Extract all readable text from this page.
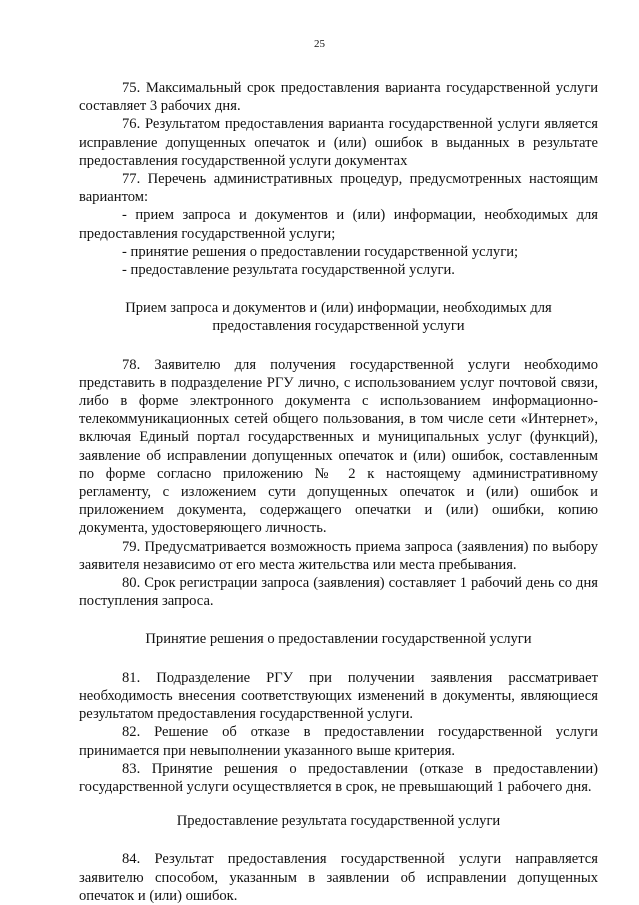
25

75. Максимальный срок предоставления варианта государственной услуги составляет 3 рабочих дня.

76. Результатом предоставления варианта государственной услуги является исправление допущенных опечаток и (или) ошибок в выданных в результате предоставления государственной услуги документах

77. Перечень административных процедур, предусмотренных настоящим вариантом:

- прием запроса и документов и (или) информации, необходимых для предоставления государственной услуги;

- принятие решения о предоставлении государственной услуги;

- предоставление результата государственной услуги.

Прием запроса и документов и (или) информации, необходимых для предоставления государственной услуги

78. Заявителю для получения государственной услуги необходимо представить в подразделение РГУ лично, с использованием услуг почтовой связи, либо в форме электронного документа с использованием информационно-телекоммуникационных сетей общего пользования, в том числе сети «Интернет», включая Единый портал государственных и муниципальных услуг (функций), заявление об исправлении допущенных опечаток и (или) ошибок, составленным по форме согласно приложению № 2 к настоящему административному регламенту, с изложением сути допущенных опечаток и (или) ошибок и приложением документа, содержащего опечатки и (или) ошибки, копию документа, удостоверяющего личность.

79. Предусматривается возможность приема запроса (заявления) по выбору заявителя независимо от его места жительства или места пребывания.

80. Срок регистрации запроса (заявления) составляет 1 рабочий день со дня поступления запроса.

Принятие решения о предоставлении государственной услуги

81. Подразделение РГУ при получении заявления рассматривает необходимость внесения соответствующих изменений в документы, являющиеся результатом предоставления государственной услуги.

82. Решение об отказе в предоставлении государственной услуги принимается при невыполнении указанного выше критерия.

83. Принятие решения о предоставлении (отказе в предоставлении) государственной услуги осуществляется в срок, не превышающий 1 рабочего дня.

Предоставление результата государственной услуги

84. Результат предоставления государственной услуги направляется заявителю способом, указанным в заявлении об исправлении допущенных опечаток и (или) ошибок.
